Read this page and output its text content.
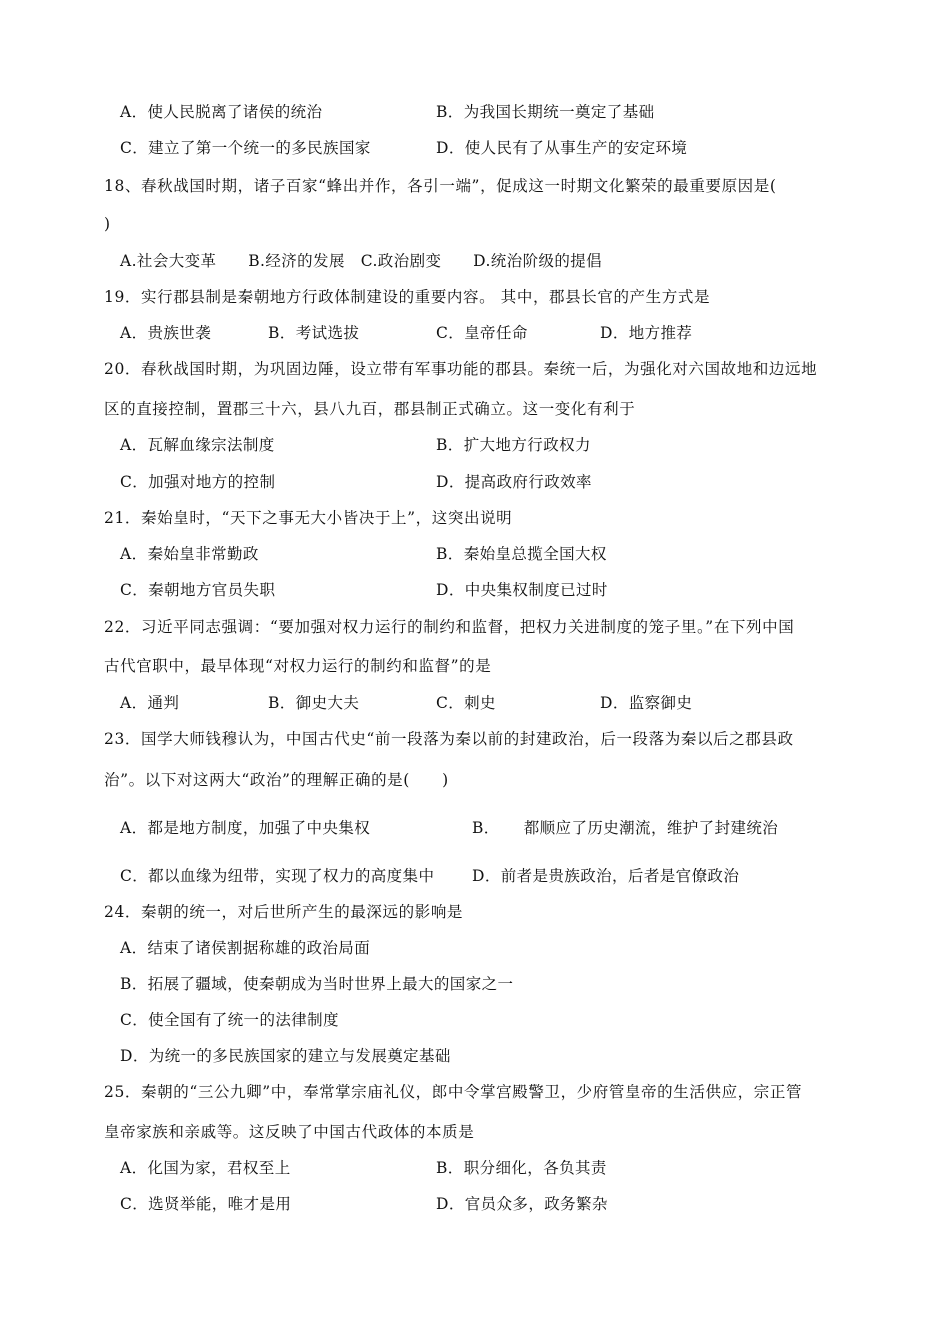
A．使人民脱离了诸侯的统治	B．为我国长期统一奠定了基础
C．建立了第一个统一的多民族国家	D．使人民有了从事生产的安定环境
18、春秋战国时期，诸子百家“蜂出并作，各引一端”，促成这一时期文化繁荣的最重要原因是(
)
A.社会大变革　　B.经济的发展　C.政治剧变　　D.统治阶级的提倡
19．实行郡县制是秦朝地方行政体制建设的重要内容。 其中，郡县长官的产生方式是
A．贵族世袭	B．考试选拔	C．皇帝任命	D．地方推荐
20．春秋战国时期，为巩固边陲，设立带有军事功能的郡县。秦统一后，为强化对六国故地和边远地
区的直接控制，置郡三十六，县八九百，郡县制正式确立。这一变化有利于
A．瓦解血缘宗法制度	B．扩大地方行政权力
C．加强对地方的控制	D．提高政府行政效率
21．秦始皇时，“天下之事无大小皆决于上”，这突出说明
A．秦始皇非常勤政	B．秦始皇总揽全国大权
C．秦朝地方官员失职	D．中央集权制度已过时
22．习近平同志强调：“要加强对权力运行的制约和监督，把权力关进制度的笼子里。”在下列中国
古代官职中，最早体现“对权力运行的制约和监督”的是
A．通判	B．御史大夫	C．刺史	D．监察御史
23．国学大师钱穆认为，中国古代史“前一段落为秦以前的封建政治，后一段落为秦以后之郡县政
治”。以下对这两大“政治”的理解正确的是(　　)
A．都是地方制度，加强了中央集权	B．　　都顺应了历史潮流，维护了封建统治
C．都以血缘为纽带，实现了权力的高度集中 D．前者是贵族政治，后者是官僚政治
24．秦朝的统一，对后世所产生的最深远的影响是
A．结束了诸侯割据称雄的政治局面
B．拓展了疆域，使秦朝成为当时世界上最大的国家之一
C．使全国有了统一的法律制度
D．为统一的多民族国家的建立与发展奠定基础
25．秦朝的“三公九卿”中，奉常掌宗庙礼仪，郎中令掌宫殿警卫，少府管皇帝的生活供应，宗正管
皇帝家族和亲戚等。这反映了中国古代政体的本质是
A．化国为家，君权至上	B．职分细化，各负其责
C．选贤举能，唯才是用	D．官员众多，政务繁杂
